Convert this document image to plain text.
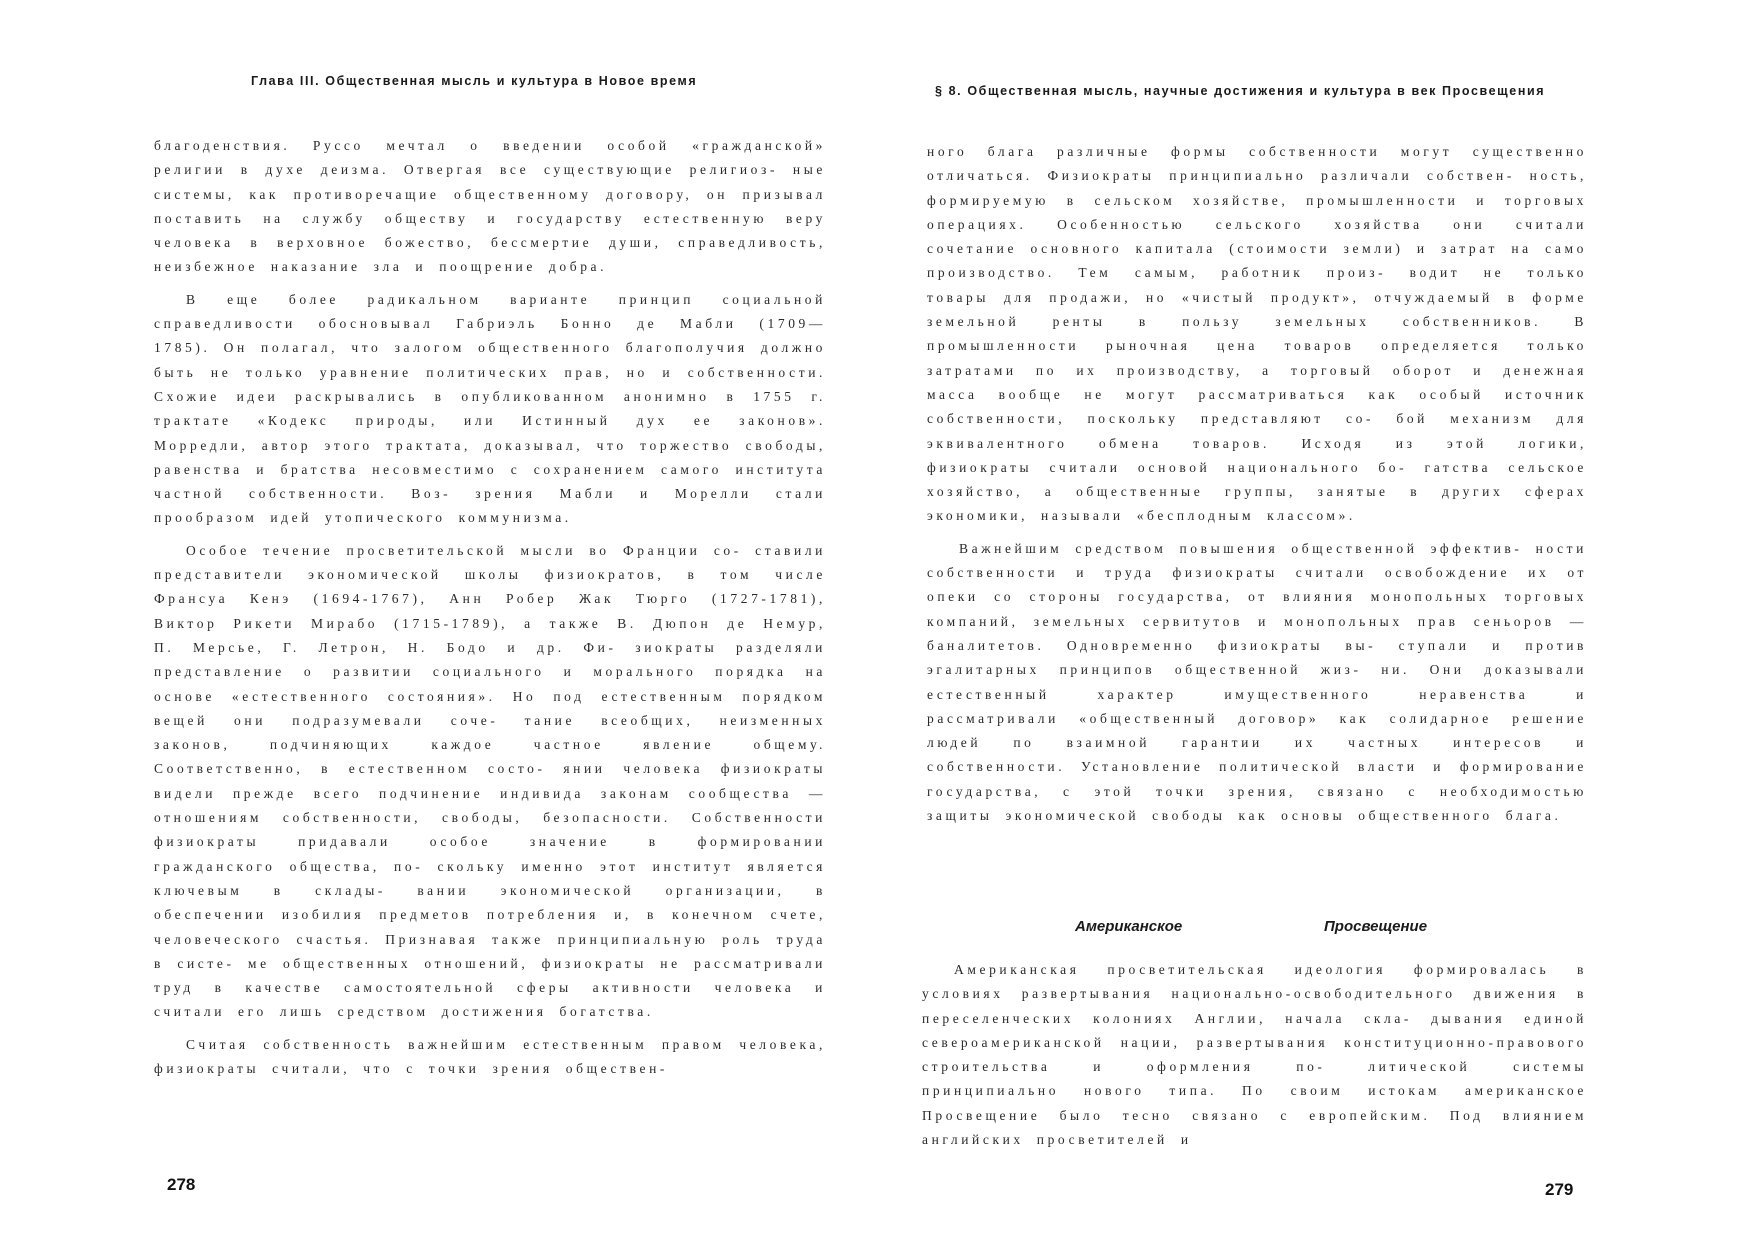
Глава III. Общественная мысль и культура в Новое время

благоденствия. Руссо мечтал о введении особой «гражданской» религии в духе деизма. Отвергая все существующие религиоз- ные системы, как противоречащие общественному договору, он призывал поставить на службу обществу и государству естественную веру человека в верховное божество, бессмертие души, справедливость, неизбежное наказание зла и поощрение добра.

В еще более радикальном варианте принцип социальной справедливости обосновывал Габриэль Бонно де Мабли (1709— 1785). Он полагал, что залогом общественного благополучия должно быть не только уравнение политических прав, но и собственности. Схожие идеи раскрывались в опубликованном анонимно в 1755 г. трактате «Кодекс природы, или Истинный дух ее законов». Морредли, автор этого трактата, доказывал, что торжество свободы, равенства и братства несовместимо с сохранением самого института частной собственности. Воз- зрения Мабли и Морелли стали прообразом идей утопического коммунизма.

Особое течение просветительской мысли во Франции со- ставили представители экономической школы физиократов, в том числе Франсуа Кенэ (1694-1767), Анн Робер Жак Тюрго (1727-1781), Виктор Рикети Мирабо (1715-1789), а также В. Дюпон де Немур, П. Мерсье, Г. Летрон, Н. Бодо и др. Фи- зиократы разделяли представление о развитии социального и морального порядка на основе «естественного состояния». Но под естественным порядком вещей они подразумевали соче- тание всеобщих, неизменных законов, подчиняющих каждое частное явление общему. Соответственно, в естественном состо- янии человека физиократы видели прежде всего подчинение индивида законам сообщества — отношениям собственности, свободы, безопасности. Собственности физиократы придавали особое значение в формировании гражданского общества, по- скольку именно этот институт является ключевым в склады- вании экономической организации, в обеспечении изобилия предметов потребления и, в конечном счете, человеческого счастья. Признавая также принципиальную роль труда в систе- ме общественных отношений, физиократы не рассматривали труд в качестве самостоятельной сферы активности человека и считали его лишь средством достижения богатства.

Считая собственность важнейшим естественным правом человека, физиократы считали, что с точки зрения обществен-

278
§ 8. Общественная мысль, научные достижения и культура в век Просвещения

ного блага различные формы собственности могут существенно отличаться. Физиократы принципиально различали собствен- ность, формируемую в сельском хозяйстве, промышленности и торговых операциях. Особенностью сельского хозяйства они считали сочетание основного капитала (стоимости земли) и затрат на само производство. Тем самым, работник произ- водит не только товары для продажи, но «чистый продукт», отчуждаемый в форме земельной ренты в пользу земельных собственников. В промышленности рыночная цена товаров определяется только затратами по их производству, а торговый оборот и денежная масса вообще не могут рассматриваться как особый источник собственности, поскольку представляют со- бой механизм для эквивалентного обмена товаров. Исходя из этой логики, физиократы считали основой национального бо- гатства сельское хозяйство, а общественные группы, занятые в других сферах экономики, называли «бесплодным классом».

Важнейшим средством повышения общественной эффектив- ности собственности и труда физиократы считали освобождение их от опеки со стороны государства, от влияния монопольных торговых компаний, земельных сервитутов и монопольных прав сеньоров — баналитетов. Одновременно физиократы вы- ступали и против эгалитарных принципов общественной жиз- ни. Они доказывали естественный характер имущественного неравенства и рассматривали «общественный договор» как солидарное решение людей по взаимной гарантии их частных интересов и собственности. Установление политической власти и формирование государства, с этой точки зрения, связано с необходимостью защиты экономической свободы как основы общественного блага.

Американское	Просвещение

Американская просветительская идеология формировалась в условиях развертывания национально-освободительного движения в переселенческих колониях Англии, начала скла- дывания единой североамериканской нации, развертывания конституционно-правового строительства и оформления по- литической системы принципиально нового типа. По своим истокам американское Просвещение было тесно связано с европейским. Под влиянием английских просветителей и

279
